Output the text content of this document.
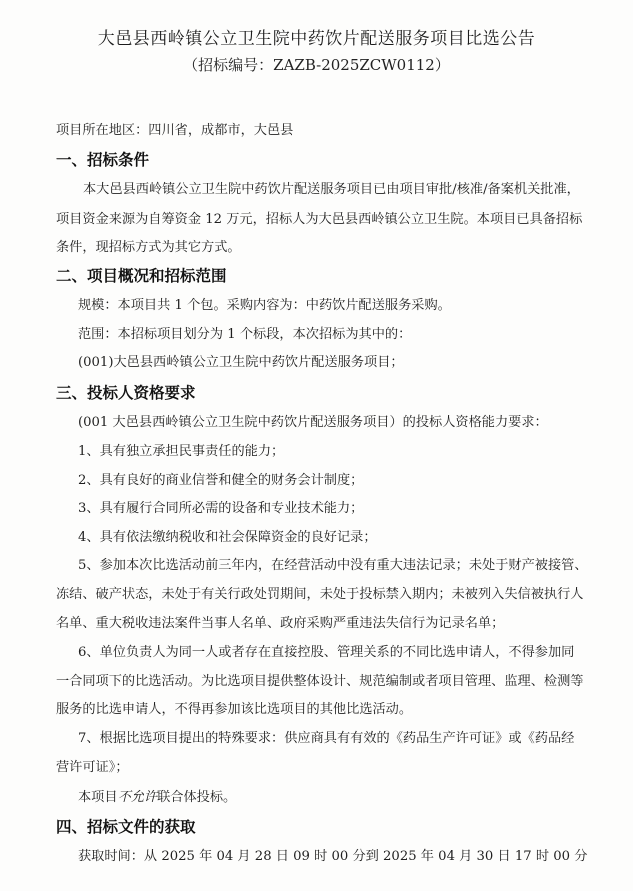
大邑县西岭镇公立卫生院中药饮片配送服务项目比选公告
（招标编号：ZAZB-2025ZCW0112）
项目所在地区：四川省，成都市，大邑县
一、招标条件
本大邑县西岭镇公立卫生院中药饮片配送服务项目已由项目审批/核准/备案机关批准，
项目资金来源为自筹资金 12 万元，招标人为大邑县西岭镇公立卫生院。本项目已具备招标
条件，现招标方式为其它方式。
二、项目概况和招标范围
规模：本项目共 1 个包。采购内容为：中药饮片配送服务采购。
范围：本招标项目划分为 1 个标段，本次招标为其中的：
(001)大邑县西岭镇公立卫生院中药饮片配送服务项目；
三、投标人资格要求
(001 大邑县西岭镇公立卫生院中药饮片配送服务项目）的投标人资格能力要求：
1、具有独立承担民事责任的能力；
2、具有良好的商业信誉和健全的财务会计制度；
3、具有履行合同所必需的设备和专业技术能力；
4、具有依法缴纳税收和社会保障资金的良好记录；
5、参加本次比选活动前三年内，在经营活动中没有重大违法记录；未处于财产被接管、
冻结、破产状态，未处于有关行政处罚期间，未处于投标禁入期内；未被列入失信被执行人
名单、重大税收违法案件当事人名单、政府采购严重违法失信行为记录名单；
6、单位负责人为同一人或者存在直接控股、管理关系的不同比选申请人，不得参加同
一合同项下的比选活动。为比选项目提供整体设计、规范编制或者项目管理、监理、检测等
服务的比选申请人，不得再参加该比选项目的其他比选活动。
7、根据比选项目提出的特殊要求：供应商具有有效的《药品生产许可证》或《药品经
营许可证》；
本项目不允许联合体投标。
四、招标文件的获取
获取时间：从 2025 年 04 月 28 日 09 时 00 分到 2025 年 04 月 30 日 17 时 00 分
